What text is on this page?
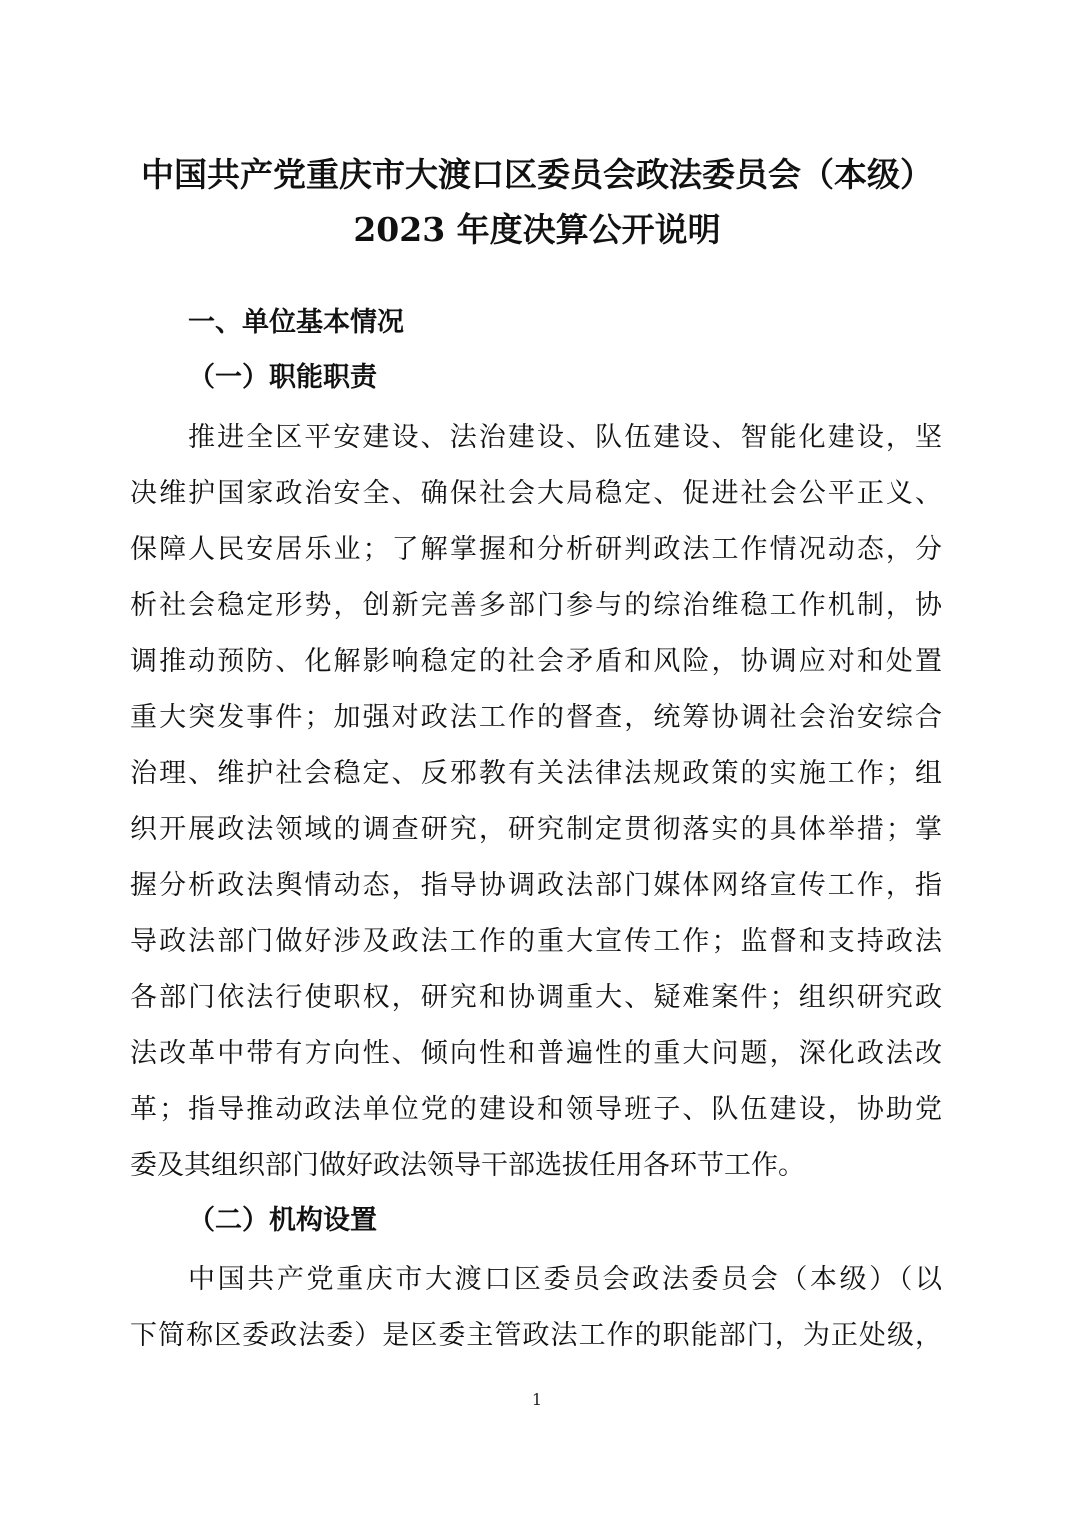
中国共产党重庆市大渡口区委员会政法委员会（本级）
2023 年度决算公开说明
一、单位基本情况
（一）职能职责
推进全区平安建设、法治建设、队伍建设、智能化建设，坚
决维护国家政治安全、确保社会大局稳定、促进社会公平正义、
保障人民安居乐业；了解掌握和分析研判政法工作情况动态，分
析社会稳定形势，创新完善多部门参与的综治维稳工作机制，协
调推动预防、化解影响稳定的社会矛盾和风险，协调应对和处置
重大突发事件；加强对政法工作的督查，统筹协调社会治安综合
治理、维护社会稳定、反邪教有关法律法规政策的实施工作；组
织开展政法领域的调查研究，研究制定贯彻落实的具体举措；掌
握分析政法舆情动态，指导协调政法部门媒体网络宣传工作，指
导政法部门做好涉及政法工作的重大宣传工作；监督和支持政法
各部门依法行使职权，研究和协调重大、疑难案件；组织研究政
法改革中带有方向性、倾向性和普遍性的重大问题，深化政法改
革；指导推动政法单位党的建设和领导班子、队伍建设，协助党
委及其组织部门做好政法领导干部选拔任用各环节工作。
（二）机构设置
中国共产党重庆市大渡口区委员会政法委员会（本级）（以
下简称区委政法委）是区委主管政法工作的职能部门，为正处级，
1
